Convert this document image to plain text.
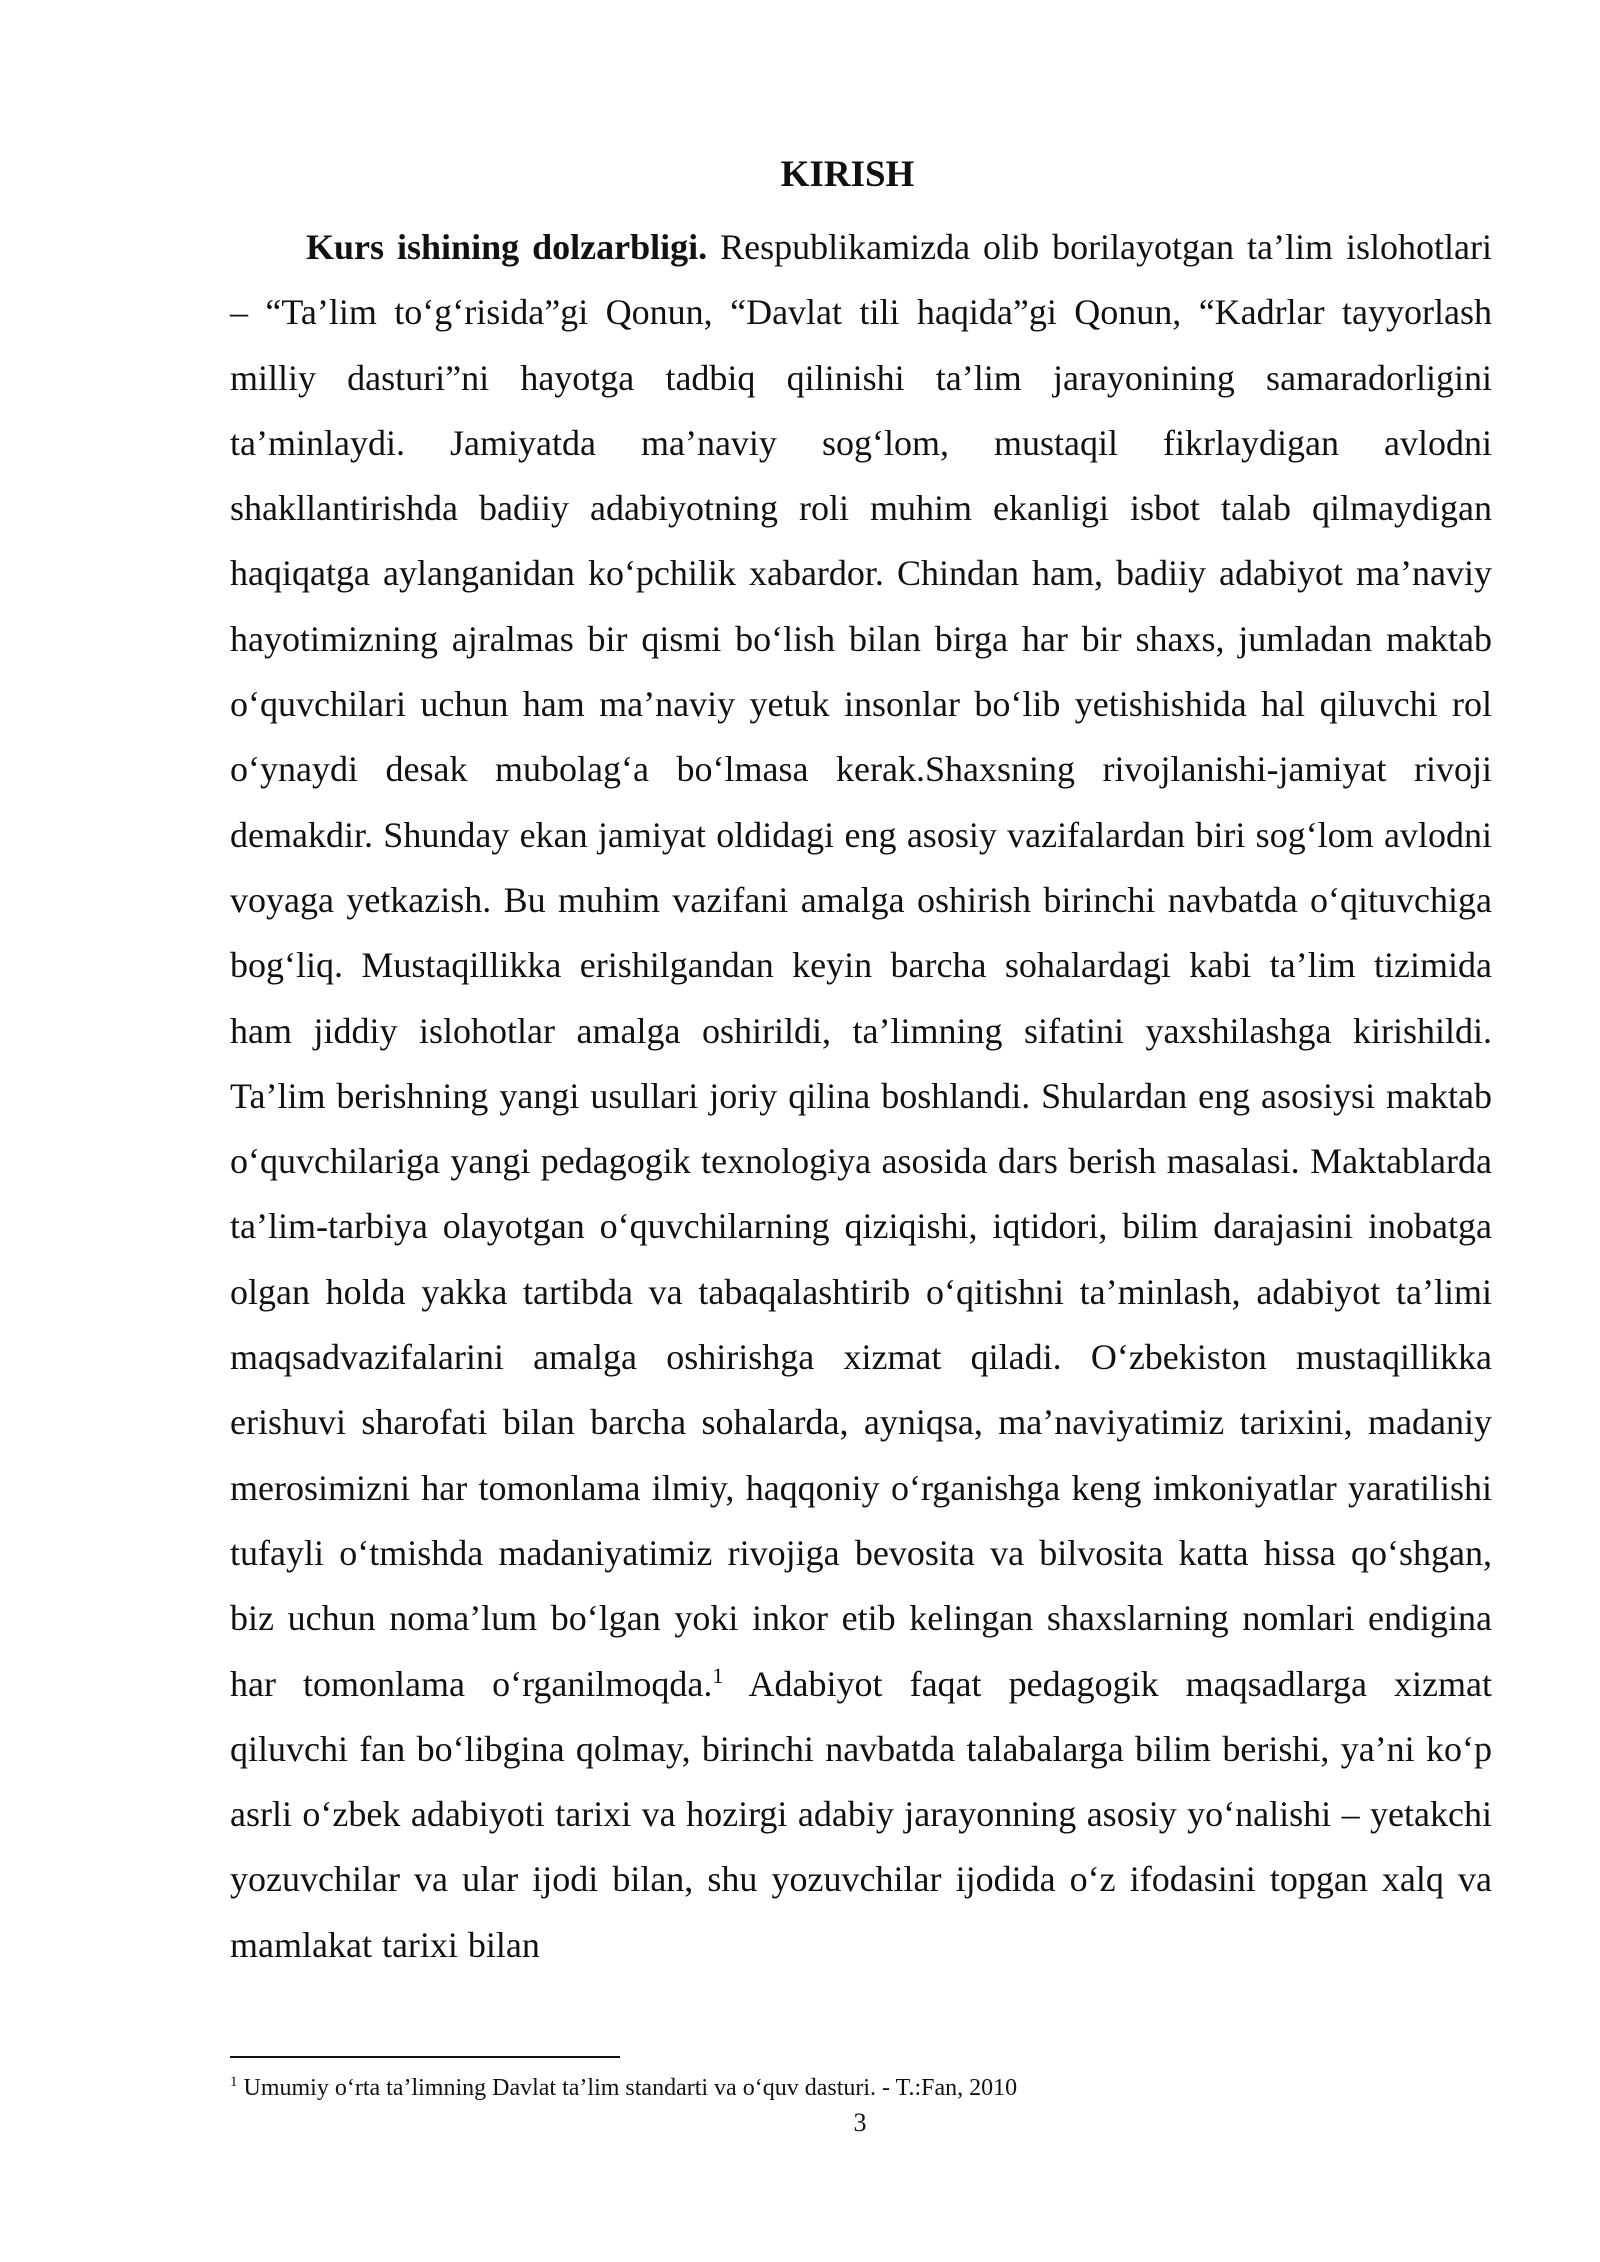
KIRISH

Kurs ishining dolzarbligi. Respublikamizda olib borilayotgan ta’lim islohotlari – “Ta’lim to‘g‘risida”gi Qonun, “Davlat tili haqida”gi Qonun, “Kadrlar tayyorlash milliy dasturi”ni hayotga tadbiq qilinishi ta’lim jarayonining samaradorligini ta’minlaydi. Jamiyatda ma’naviy sog‘lom, mustaqil fikrlaydigan avlodni shakllantirishda badiiy adabiyotning roli muhim ekanligi isbot talab qilmaydigan haqiqatga aylanganidan ko‘pchilik xabardor. Chindan ham, badiiy adabiyot ma’naviy hayotimizning ajralmas bir qismi bo‘lish bilan birga har bir shaxs, jumladan maktab o‘quvchilari uchun ham ma’naviy yetuk insonlar bo‘lib yetishishida hal qiluvchi rol o‘ynaydi desak mubolag‘a bo‘lmasa kerak.Shaxsning rivojlanishi-jamiyat rivoji demakdir. Shunday ekan jamiyat oldidagi eng asosiy vazifalardan biri sog‘lom avlodni voyaga yetkazish. Bu muhim vazifani amalga oshirish birinchi navbatda o‘qituvchiga bog‘liq. Mustaqillikka erishilgandan keyin barcha sohalardagi kabi ta’lim tizimida ham jiddiy islohotlar amalga oshirildi, ta’limning sifatini yaxshilashga kirishildi. Ta’lim berishning yangi usullari joriy qilina boshlandi. Shulardan eng asosiysi maktab o‘quvchilariga yangi pedagogik texnologiya asosida dars berish masalasi. Maktablarda ta’lim-tarbiya olayotgan o‘quvchilarning qiziqishi, iqtidori, bilim darajasini inobatga olgan holda yakka tartibda va tabaqalashtirib o‘qitishni ta’minlash, adabiyot ta’limi maqsadvazifalarini amalga oshirishga xizmat qiladi. O‘zbekiston mustaqillikka erishuvi sharofati bilan barcha sohalarda, ayniqsa, ma’naviyatimiz tarixini, madaniy merosimizni har tomonlama ilmiy, haqqoniy o‘rganishga keng imkoniyatlar yaratilishi tufayli o‘tmishda madaniyatimiz rivojiga bevosita va bilvosita katta hissa qo‘shgan, biz uchun noma’lum bo‘lgan yoki inkor etib kelingan shaxslarning nomlari endigina har tomonlama o‘rganilmoqda.$^1$ Adabiyot faqat pedagogik maqsadlarga xizmat qiluvchi fan bo‘libgina qolmay, birinchi navbatda talabalarga bilim berishi, ya’ni ko‘p asrli o‘zbek adabiyoti tarixi va hozirgi adabiy jarayonning asosiy yo‘nalishi – yetakchi yozuvchilar va ular ijodi bilan, shu yozuvchilar ijodida o‘z ifodasini topgan xalq va mamlakat tarixi bilan

$^1$ Umumiy o‘rta ta’limning Davlat ta’lim standarti va o‘quv dasturi. - T.:Fan, 2010

3
